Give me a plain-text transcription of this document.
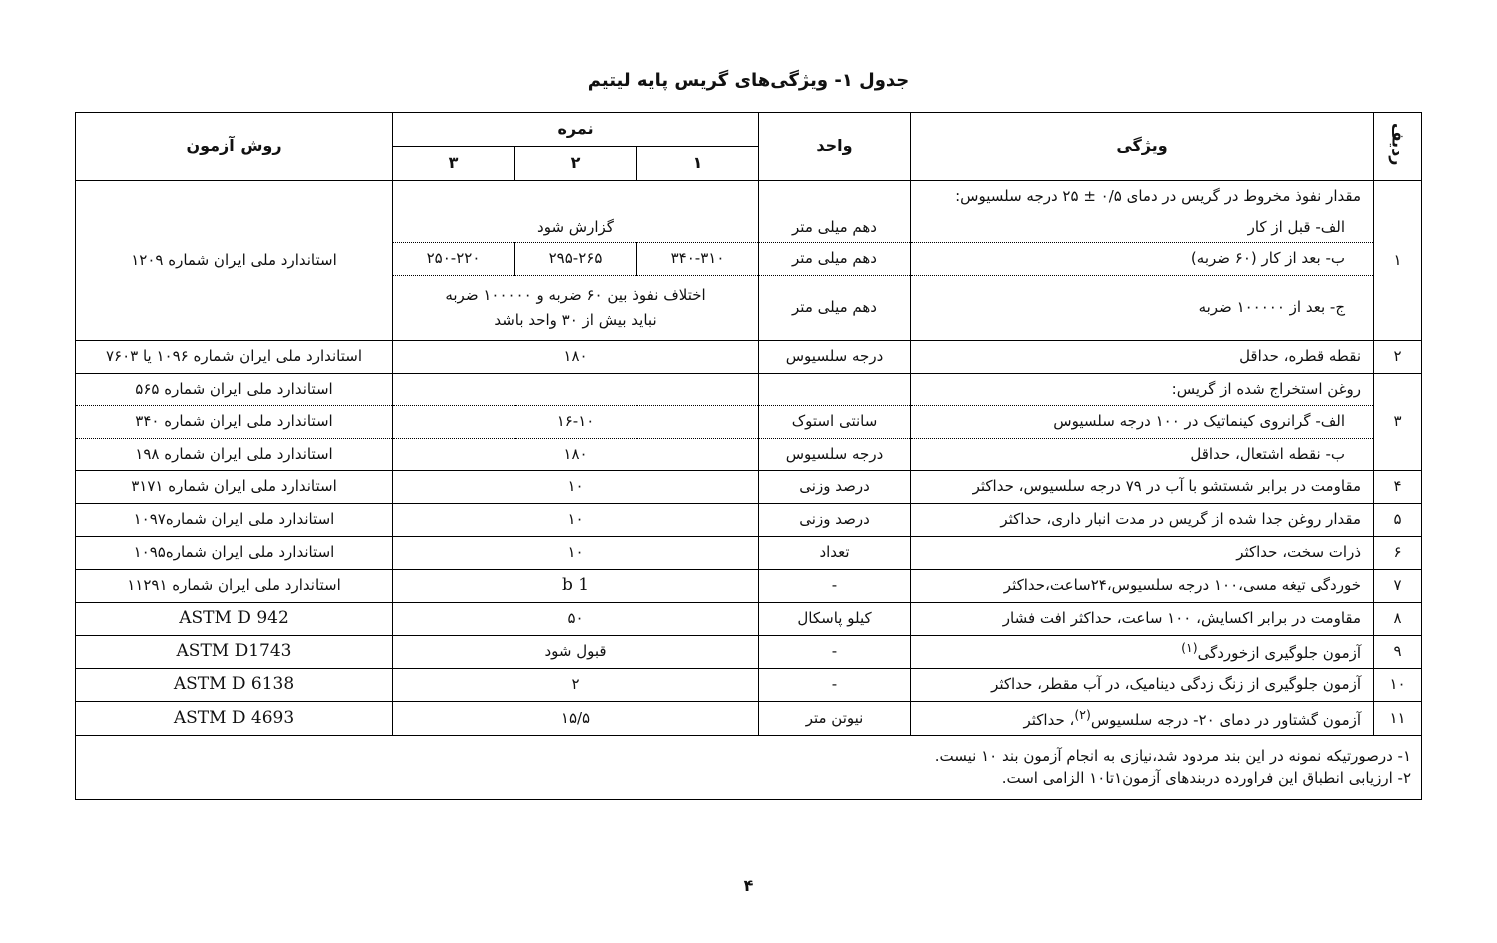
جدول ۱- ویژگی‌های گریس پایه لیتیم
ردیف	ویژگی	واحد	نمره			روش آزمون
			۱	۲	۳	
۱	مقدار نفوذ مخروط در گریس در دمای ۰/۵ ± ۲۵ درجه سلسیوس:					استاندارد ملی ایران شماره ۱۲۰۹
	الف- قبل از کار	دهم میلی متر	گزارش شود			
	ب- بعد از کار (۶۰ ضربه)	دهم میلی متر	۳۴۰-۳۱۰	۲۹۵-۲۶۵	۲۵۰-۲۲۰	
	ج- بعد از ۱۰۰۰۰۰ ضربه	دهم میلی متر	اختلاف نفوذ بین ۶۰ ضربه و ۱۰۰۰۰۰ ضربه
نباید بیش از ۳۰ واحد باشد			

۲	نقطه قطره، حداقل	درجه سلسیوس	۱۸۰			استاندارد ملی ایران شماره ۱۰۹۶ یا ۷۶۰۳
۳	روغن استخراج شده از گریس:					استاندارد ملی ایران شماره ۵۶۵
	الف- گرانروی کینماتیک در ۱۰۰ درجه سلسیوس	سانتی استوک	۱۶-۱۰			استاندارد ملی ایران شماره ۳۴۰
	ب- نقطه اشتعال، حداقل	درجه سلسیوس	۱۸۰			استاندارد ملی ایران شماره ۱۹۸
۴	مقاومت در برابر شستشو با آب در ۷۹ درجه سلسیوس، حداکثر	درصد وزنی	۱۰			استاندارد ملی ایران شماره ۳۱۷۱
۵	مقدار روغن جدا شده از گریس در مدت انبار داری، حداکثر	درصد وزنی	۱۰			استاندارد ملی ایران شماره۱۰۹۷
۶	ذرات سخت، حداکثر	تعداد	۱۰			استاندارد ملی ایران شماره۱۰۹۵
۷	خوردگی تیغه مسی،۱۰۰ درجه سلسیوس،۲۴ساعت،حداکثر	-	1 b			استاندارد ملی ایران شماره ۱۱۲۹۱
۸	مقاومت در برابر اکسایش، ۱۰۰ ساعت، حداکثر افت فشار	کیلو پاسکال	۵۰			ASTM D 942
۹	آزمون جلوگیری ازخوردگی$^{(۱)}$	-	قبول شود			ASTM D1743
۱۰	آزمون جلوگیری از زنگ زدگی دینامیک، در آب مقطر، حداکثر	-	۲			ASTM D 6138
۱۱	آزمون گشتاور در دمای ۲۰- درجه سلسیوس$^{(۲)}$، حداکثر	نیوتن متر	۱۵/۵			ASTM D 4693

۱- درصورتیکه نمونه در این بند مردود شد،نیازی به انجام آزمون بند ۱۰ نیست.
۲- ارزیابی انطباق این فراورده دربندهای آزمون۱تا۱۰ الزامی است.						
۴
